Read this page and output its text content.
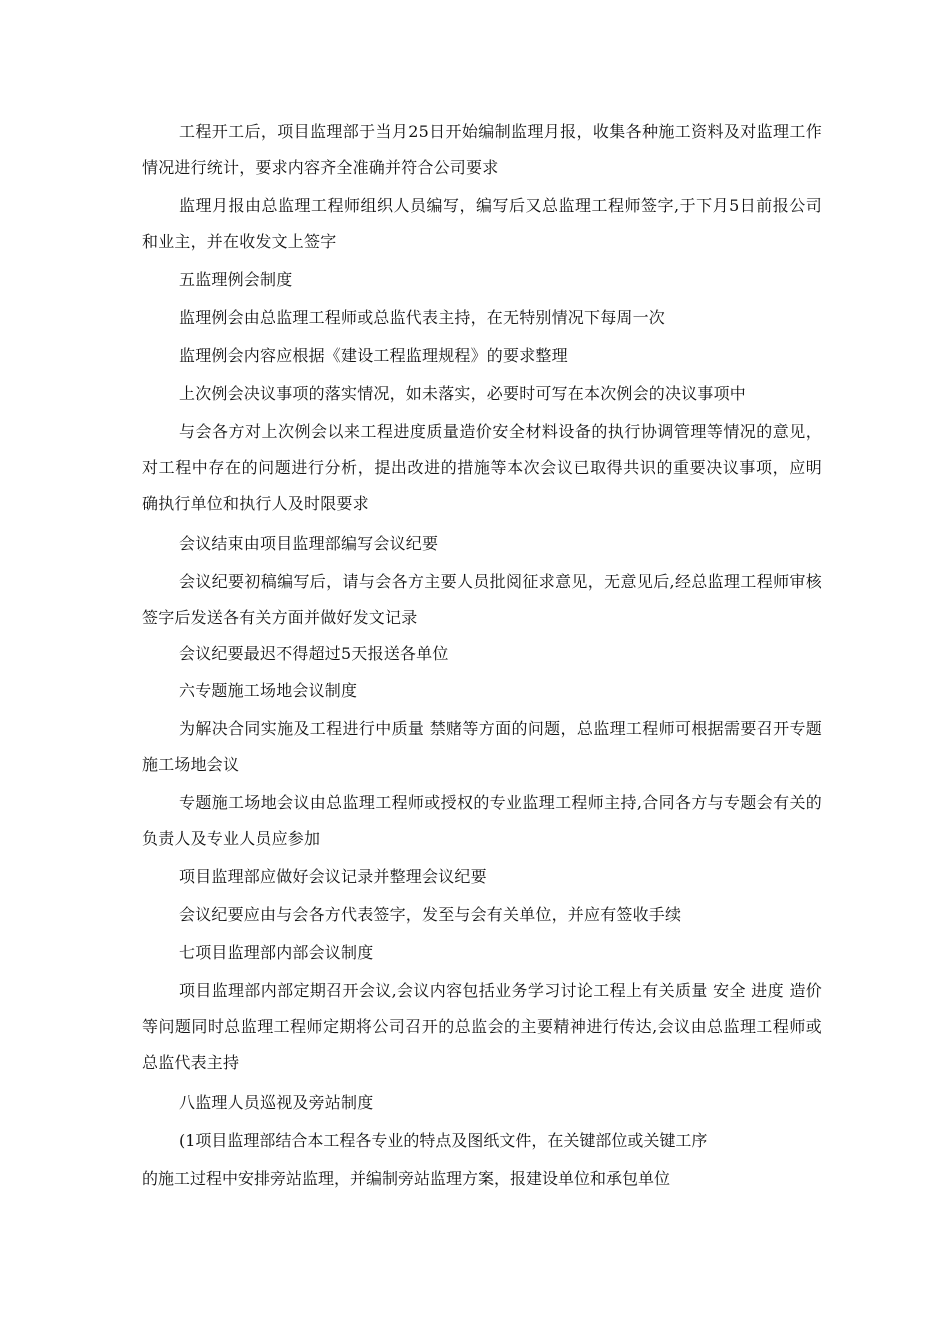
工程开工后，项目监理部于当月25日开始编制监理月报，收集各种施工资料及对监理工作情况进行统计，要求内容齐全准确并符合公司要求

监理月报由总监理工程师组织人员编写，编写后又总监理工程师签字,于下月5日前报公司和业主，并在收发文上签字

五监理例会制度

监理例会由总监理工程师或总监代表主持，在无特别情况下每周一次

监理例会内容应根据《建设工程监理规程》的要求整理

上次例会决议事项的落实情况，如未落实，必要时可写在本次例会的决议事项中

与会各方对上次例会以来工程进度质量造价安全材料设备的执行协调管理等情况的意见，对工程中存在的问题进行分析，提出改进的措施等本次会议已取得共识的重要决议事项，应明确执行单位和执行人及时限要求

会议结束由项目监理部编写会议纪要

会议纪要初稿编写后，请与会各方主要人员批阅征求意见，无意见后,经总监理工程师审核签字后发送各有关方面并做好发文记录

会议纪要最迟不得超过5天报送各单位

六专题施工场地会议制度

为解决合同实施及工程进行中质量 禁赌等方面的问题，总监理工程师可根据需要召开专题施工场地会议

专题施工场地会议由总监理工程师或授权的专业监理工程师主持,合同各方与专题会有关的负责人及专业人员应参加

项目监理部应做好会议记录并整理会议纪要

会议纪要应由与会各方代表签字，发至与会有关单位，并应有签收手续

七项目监理部内部会议制度

项目监理部内部定期召开会议,会议内容包括业务学习讨论工程上有关质量 安全 进度 造价等问题同时总监理工程师定期将公司召开的总监会的主要精神进行传达,会议由总监理工程师或总监代表主持

八监理人员巡视及旁站制度

(1项目监理部结合本工程各专业的特点及图纸文件，在关键部位或关键工序

的施工过程中安排旁站监理，并编制旁站监理方案，报建设单位和承包单位
